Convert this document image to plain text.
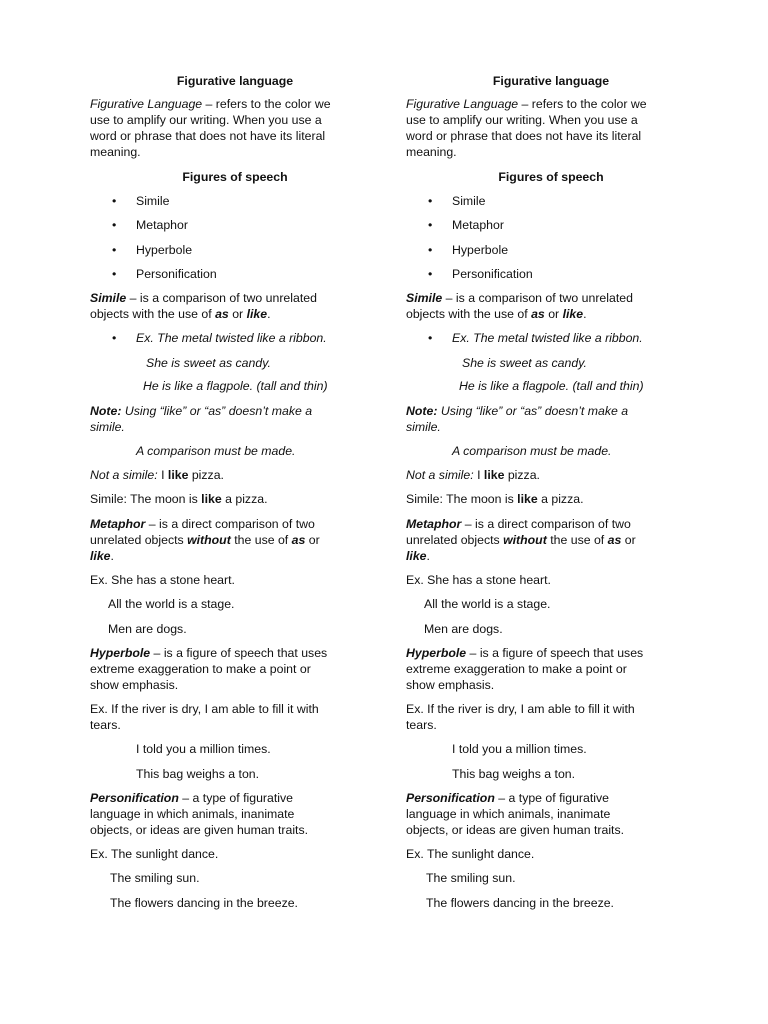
Figurative language
Figurative Language – refers to the color we
use to amplify our writing. When you use a
word or phrase that does not have its literal
meaning.
Figures of speech
• Simile
• Metaphor
• Hyperbole
• Personification
Simile – is a comparison of two unrelated
objects with the use of as or like.
• Ex. The metal twisted like a ribbon.
She is sweet as candy.
He is like a flagpole. (tall and thin)
Note: Using “like” or “as” doesn’t make a
simile.
A comparison must be made.
Not a simile: I like pizza.
Simile: The moon is like a pizza.
Metaphor – is a direct comparison of two
unrelated objects without the use of as or
like.
Ex. She has a stone heart.
All the world is a stage.
Men are dogs.
Hyperbole – is a figure of speech that uses
extreme exaggeration to make a point or
show emphasis.
Ex. If the river is dry, I am able to fill it with
tears.
I told you a million times.
This bag weighs a ton.
Personification – a type of figurative
language in which animals, inanimate
objects, or ideas are given human traits.
Ex. The sunlight dance.
The smiling sun.
The flowers dancing in the breeze.
Figurative language
Figurative Language – refers to the color we
use to amplify our writing. When you use a
word or phrase that does not have its literal
meaning.
Figures of speech
• Simile
• Metaphor
• Hyperbole
• Personification
Simile – is a comparison of two unrelated
objects with the use of as or like.
• Ex. The metal twisted like a ribbon.
She is sweet as candy.
He is like a flagpole. (tall and thin)
Note: Using “like” or “as” doesn’t make a
simile.
A comparison must be made.
Not a simile: I like pizza.
Simile: The moon is like a pizza.
Metaphor – is a direct comparison of two
unrelated objects without the use of as or
like.
Ex. She has a stone heart.
All the world is a stage.
Men are dogs.
Hyperbole – is a figure of speech that uses
extreme exaggeration to make a point or
show emphasis.
Ex. If the river is dry, I am able to fill it with
tears.
I told you a million times.
This bag weighs a ton.
Personification – a type of figurative
language in which animals, inanimate
objects, or ideas are given human traits.
Ex. The sunlight dance.
The smiling sun.
The flowers dancing in the breeze.
